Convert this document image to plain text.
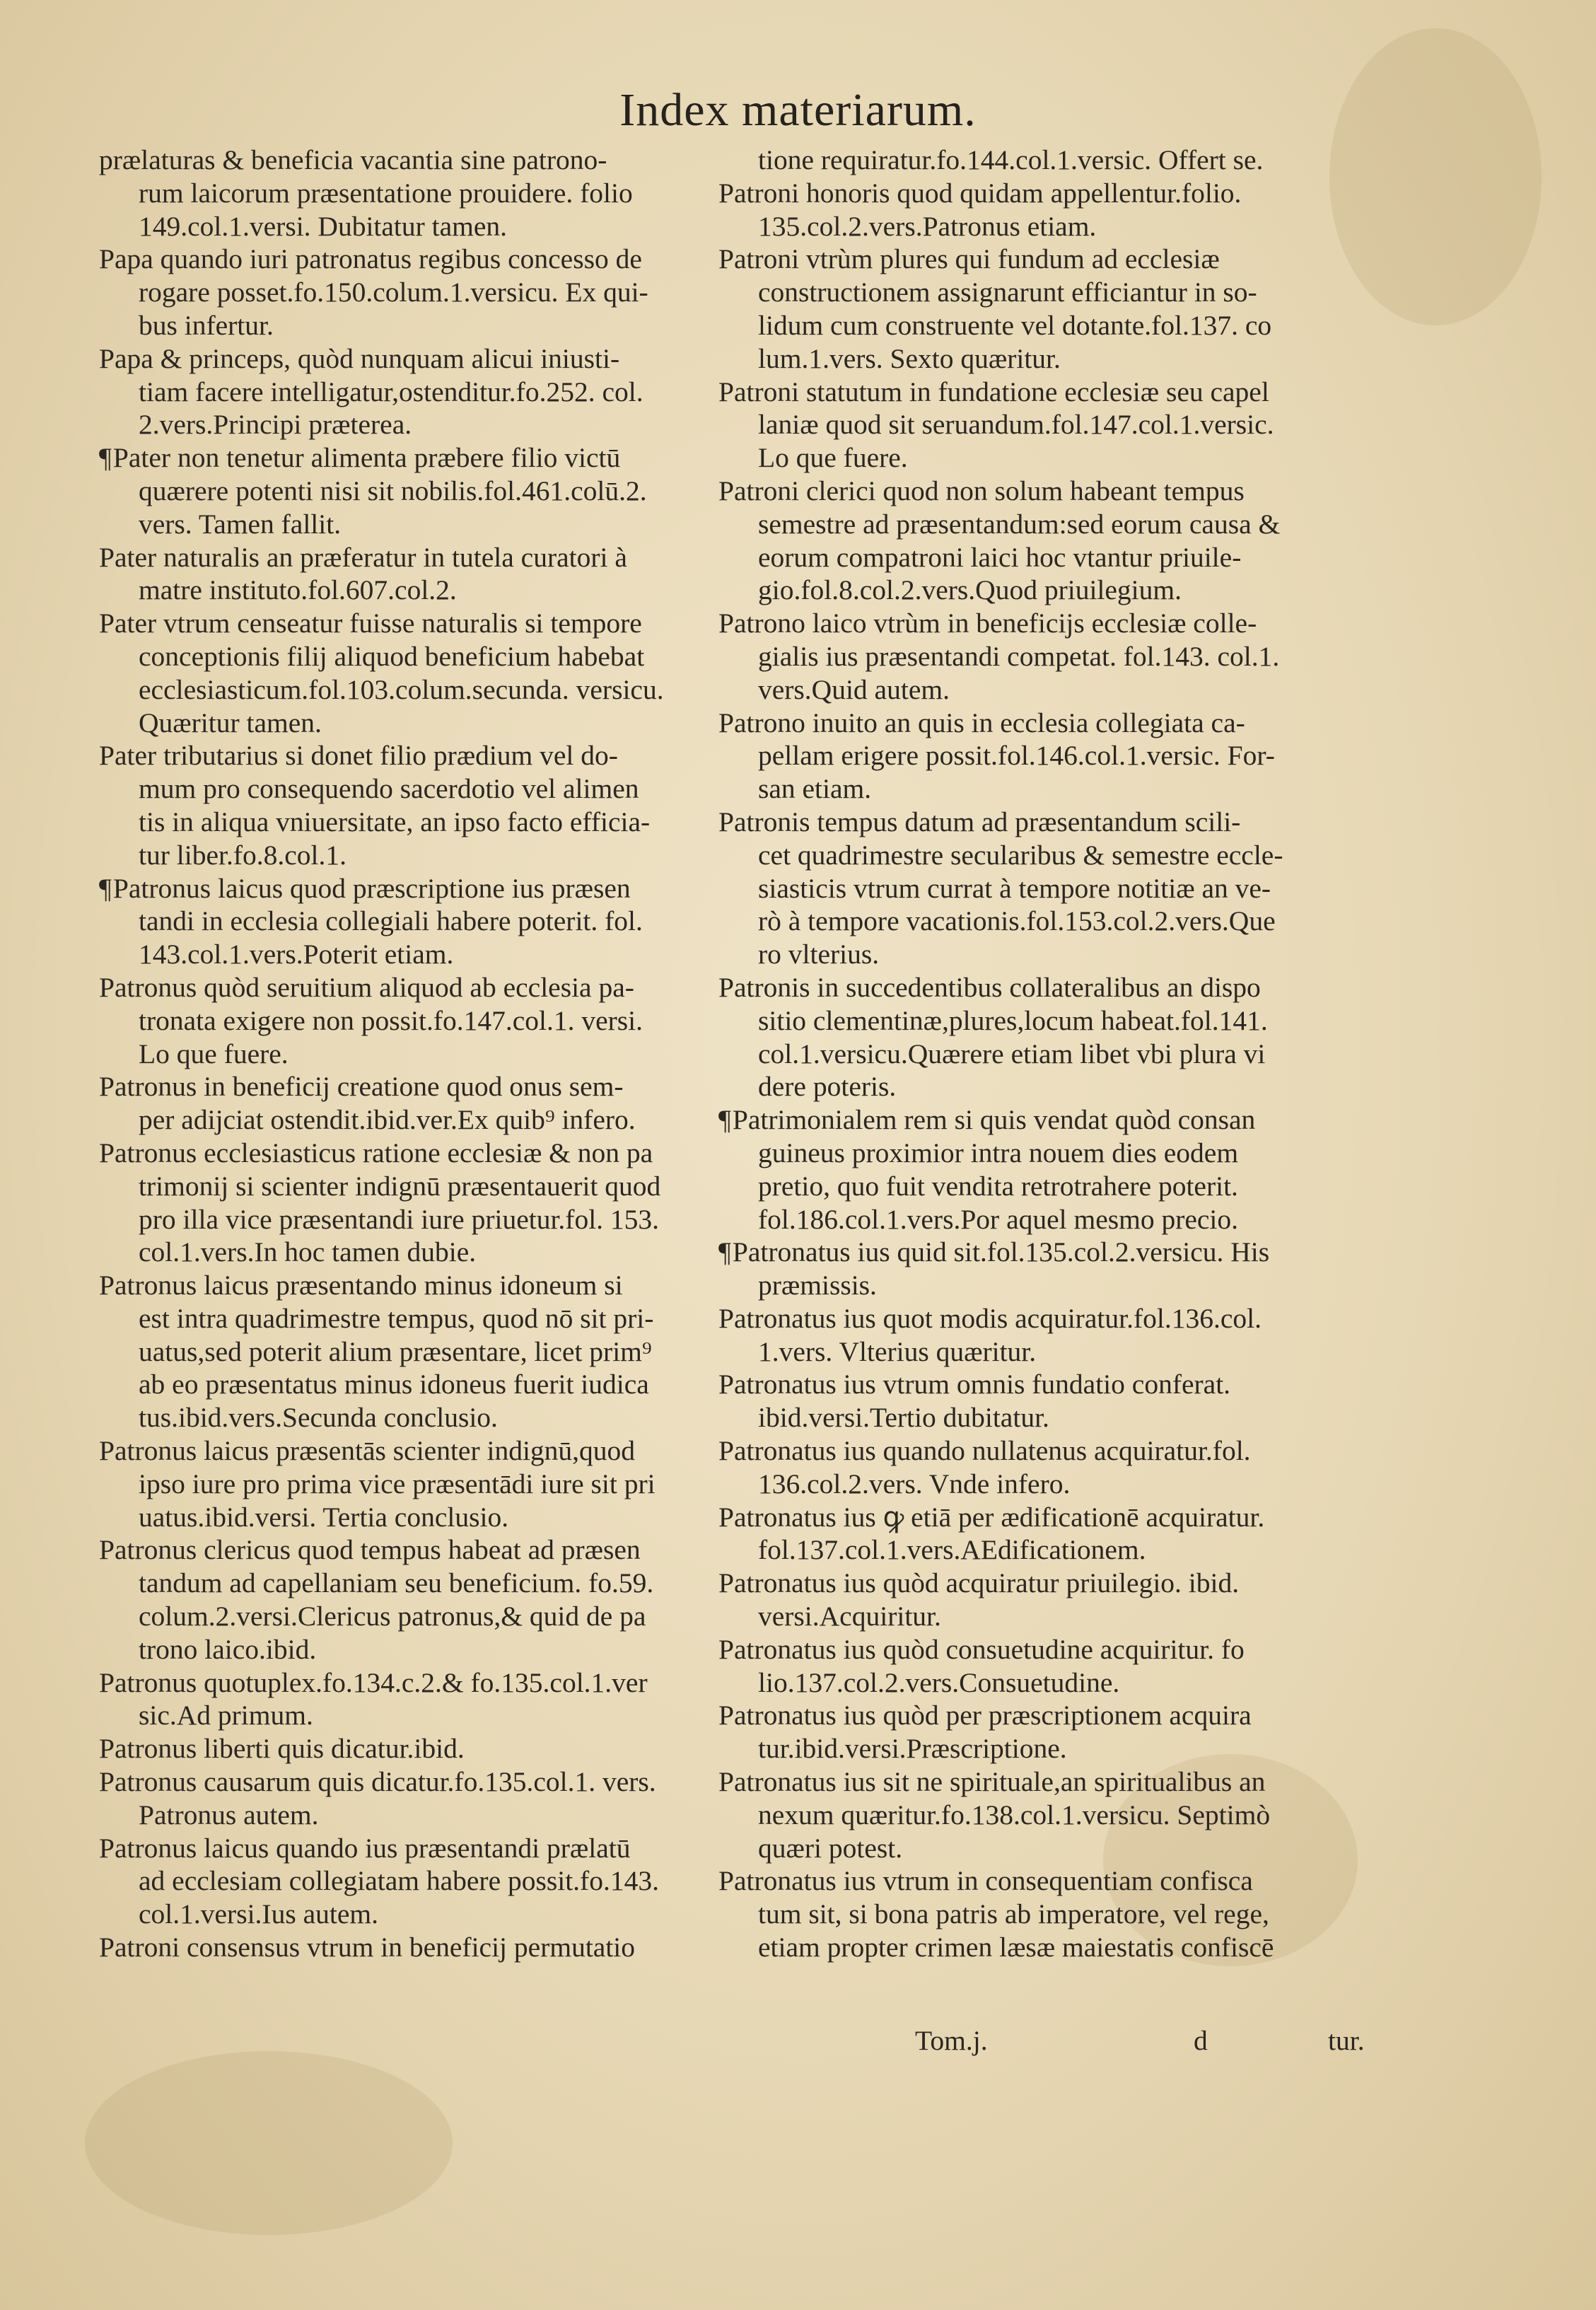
Index materiarum.
prælaturas & beneficia vacantia sine patrono-
rum laicorum præsentatione prouidere. folio
149.col.1.versi. Dubitatur tamen.
Papa quando iuri patronatus regibus concesso de
rogare posset.fo.150.colum.1.versicu. Ex qui-
bus infertur.
Papa & princeps, quòd nunquam alicui iniusti-
tiam facere intelligatur,ostenditur.fo.252. col.
2.vers.Principi præterea.
¶Pater non tenetur alimenta præbere filio victū
quærere potenti nisi sit nobilis.fol.461.colū.2.
vers. Tamen fallit.
Pater naturalis an præferatur in tutela curatori à
matre instituto.fol.607.col.2.
Pater vtrum censeatur fuisse naturalis si tempore
conceptionis filij aliquod beneficium habebat
ecclesiasticum.fol.103.colum.secunda. versicu.
Quæritur tamen.
Pater tributarius si donet filio prædium vel do-
mum pro consequendo sacerdotio vel alimen
tis in aliqua vniuersitate, an ipso facto efficia-
tur liber.fo.8.col.1.
¶Patronus laicus quod præscriptione ius præsen
tandi in ecclesia collegiali habere poterit. fol.
143.col.1.vers.Poterit etiam.
Patronus quòd seruitium aliquod ab ecclesia pa-
tronata exigere non possit.fo.147.col.1. versi.
Lo que fuere.
Patronus in beneficij creatione quod onus sem-
per adijciat ostendit.ibid.ver.Ex quib⁹ infero.
Patronus ecclesiasticus ratione ecclesiæ & non pa
trimonij si scienter indignū præsentauerit quod
pro illa vice præsentandi iure priuetur.fol. 153.
col.1.vers.In hoc tamen dubie.
Patronus laicus præsentando minus idoneum si
est intra quadrimestre tempus, quod nō sit pri-
uatus,sed poterit alium præsentare, licet prim⁹
ab eo præsentatus minus idoneus fuerit iudica
tus.ibid.vers.Secunda conclusio.
Patronus laicus præsentās scienter indignū,quod
ipso iure pro prima vice præsentādi iure sit pri
uatus.ibid.versi. Tertia conclusio.
Patronus clericus quod tempus habeat ad præsen
tandum ad capellaniam seu beneficium. fo.59.
colum.2.versi.Clericus patronus,& quid de pa
trono laico.ibid.
Patronus quotuplex.fo.134.c.2.& fo.135.col.1.ver
sic.Ad primum.
Patronus liberti quis dicatur.ibid.
Patronus causarum quis dicatur.fo.135.col.1. vers.
Patronus autem.
Patronus laicus quando ius præsentandi prælatū
ad ecclesiam collegiatam habere possit.fo.143.
col.1.versi.Ius autem.
Patroni consensus vtrum in beneficij permutatio
tione requiratur.fo.144.col.1.versic. Offert se.
Patroni honoris quod quidam appellentur.folio.
135.col.2.vers.Patronus etiam.
Patroni vtrùm plures qui fundum ad ecclesiæ
constructionem assignarunt efficiantur in so-
lidum cum construente vel dotante.fol.137. co
lum.1.vers. Sexto quæritur.
Patroni statutum in fundatione ecclesiæ seu capel
laniæ quod sit seruandum.fol.147.col.1.versic.
Lo que fuere.
Patroni clerici quod non solum habeant tempus
semestre ad præsentandum:sed eorum causa &
eorum compatroni laici hoc vtantur priuile-
gio.fol.8.col.2.vers.Quod priuilegium.
Patrono laico vtrùm in beneficijs ecclesiæ colle-
gialis ius præsentandi competat. fol.143. col.1.
vers.Quid autem.
Patrono inuito an quis in ecclesia collegiata ca-
pellam erigere possit.fol.146.col.1.versic. For-
san etiam.
Patronis tempus datum ad præsentandum scili-
cet quadrimestre secularibus & semestre eccle-
siasticis vtrum currat à tempore notitiæ an ve-
rò à tempore vacationis.fol.153.col.2.vers.Que
ro vlterius.
Patronis in succedentibus collateralibus an dispo
sitio clementinæ,plures,locum habeat.fol.141.
col.1.versicu.Quærere etiam libet vbi plura vi
dere poteris.
¶Patrimonialem rem si quis vendat quòd consan
guineus proximior intra nouem dies eodem
pretio, quo fuit vendita retrotrahere poterit.
fol.186.col.1.vers.Por aquel mesmo precio.
¶Patronatus ius quid sit.fol.135.col.2.versicu. His
præmissis.
Patronatus ius quot modis acquiratur.fol.136.col.
1.vers. Vlterius quæritur.
Patronatus ius vtrum omnis fundatio conferat.
ibid.versi.Tertio dubitatur.
Patronatus ius quando nullatenus acquiratur.fol.
136.col.2.vers. Vnde infero.
Patronatus ius ꝙ etiā per ædificationē acquiratur.
fol.137.col.1.vers.AEdificationem.
Patronatus ius quòd acquiratur priuilegio. ibid.
versi.Acquiritur.
Patronatus ius quòd consuetudine acquiritur. fo
lio.137.col.2.vers.Consuetudine.
Patronatus ius quòd per præscriptionem acquira
tur.ibid.versi.Præscriptione.
Patronatus ius sit ne spirituale,an spiritualibus an
nexum quæritur.fo.138.col.1.versicu. Septimò
quæri potest.
Patronatus ius vtrum in consequentiam confisca
tum sit, si bona patris ab imperatore, vel rege,
etiam propter crimen læsæ maiestatis confiscē
Tom.j.	d	tur.
